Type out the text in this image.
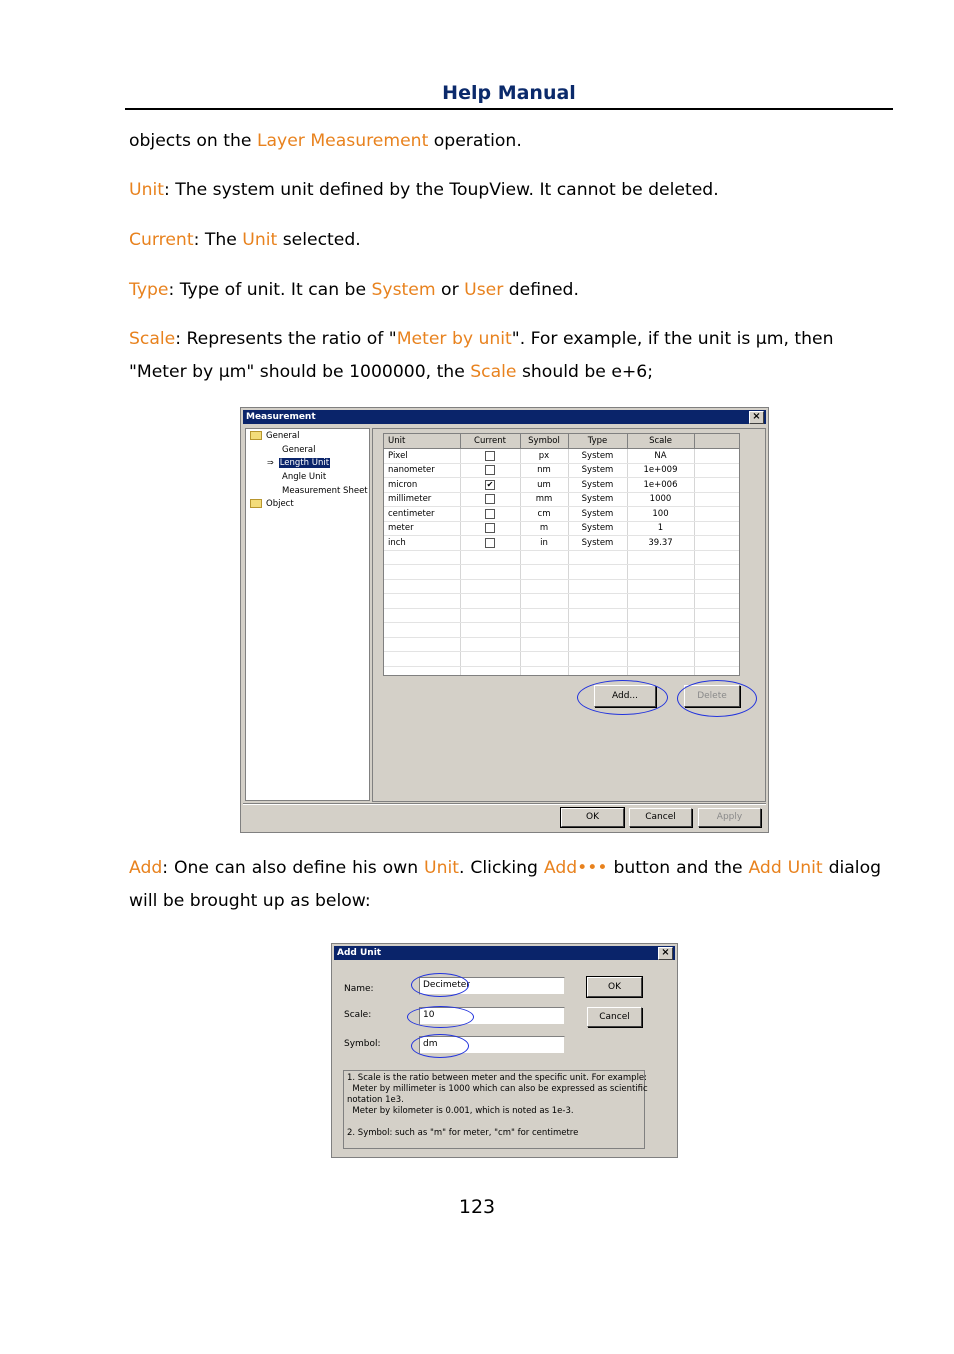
Help Manual
objects on the Layer Measurement operation.
Unit: The system unit defined by the ToupView. It cannot be deleted.
Current: The Unit selected.
Type: Type of unit. It can be System or User defined.
Scale: Represents the ratio of "Meter by unit". For example, if the unit is µm, then "Meter by µm" should be 1000000, the Scale should be e+6;
Measurement	×
General
General
⇒ Length Unit
Angle Unit
Measurement Sheet
Object
Unit	Current	Symbol	Type	Scale	
Pixel		px	System	NA	
nanometer		nm	System	1e+009	
micron	✔	um	System	1e+006	
millimeter		mm	System	1000	
centimeter		cm	System	100	
meter		m	System	1	
inch		in	System	39.37	

Add...	Delete
OK	Cancel	Apply
Add: One can also define his own Unit. Clicking Add••• button and the Add Unit dialog will be brought up as below:
Add Unit	×
Name:	Decimeter
Scale:	10
Symbol:	dm
OK
Cancel
1. Scale is the ratio between meter and the specific unit. For example:
Meter by millimeter is 1000 which can also be expressed as scientific
notation 1e3.
Meter by kilometer is 0.001, which is noted as 1e-3.

2. Symbol: such as "m" for meter, "cm" for centimetre
123
